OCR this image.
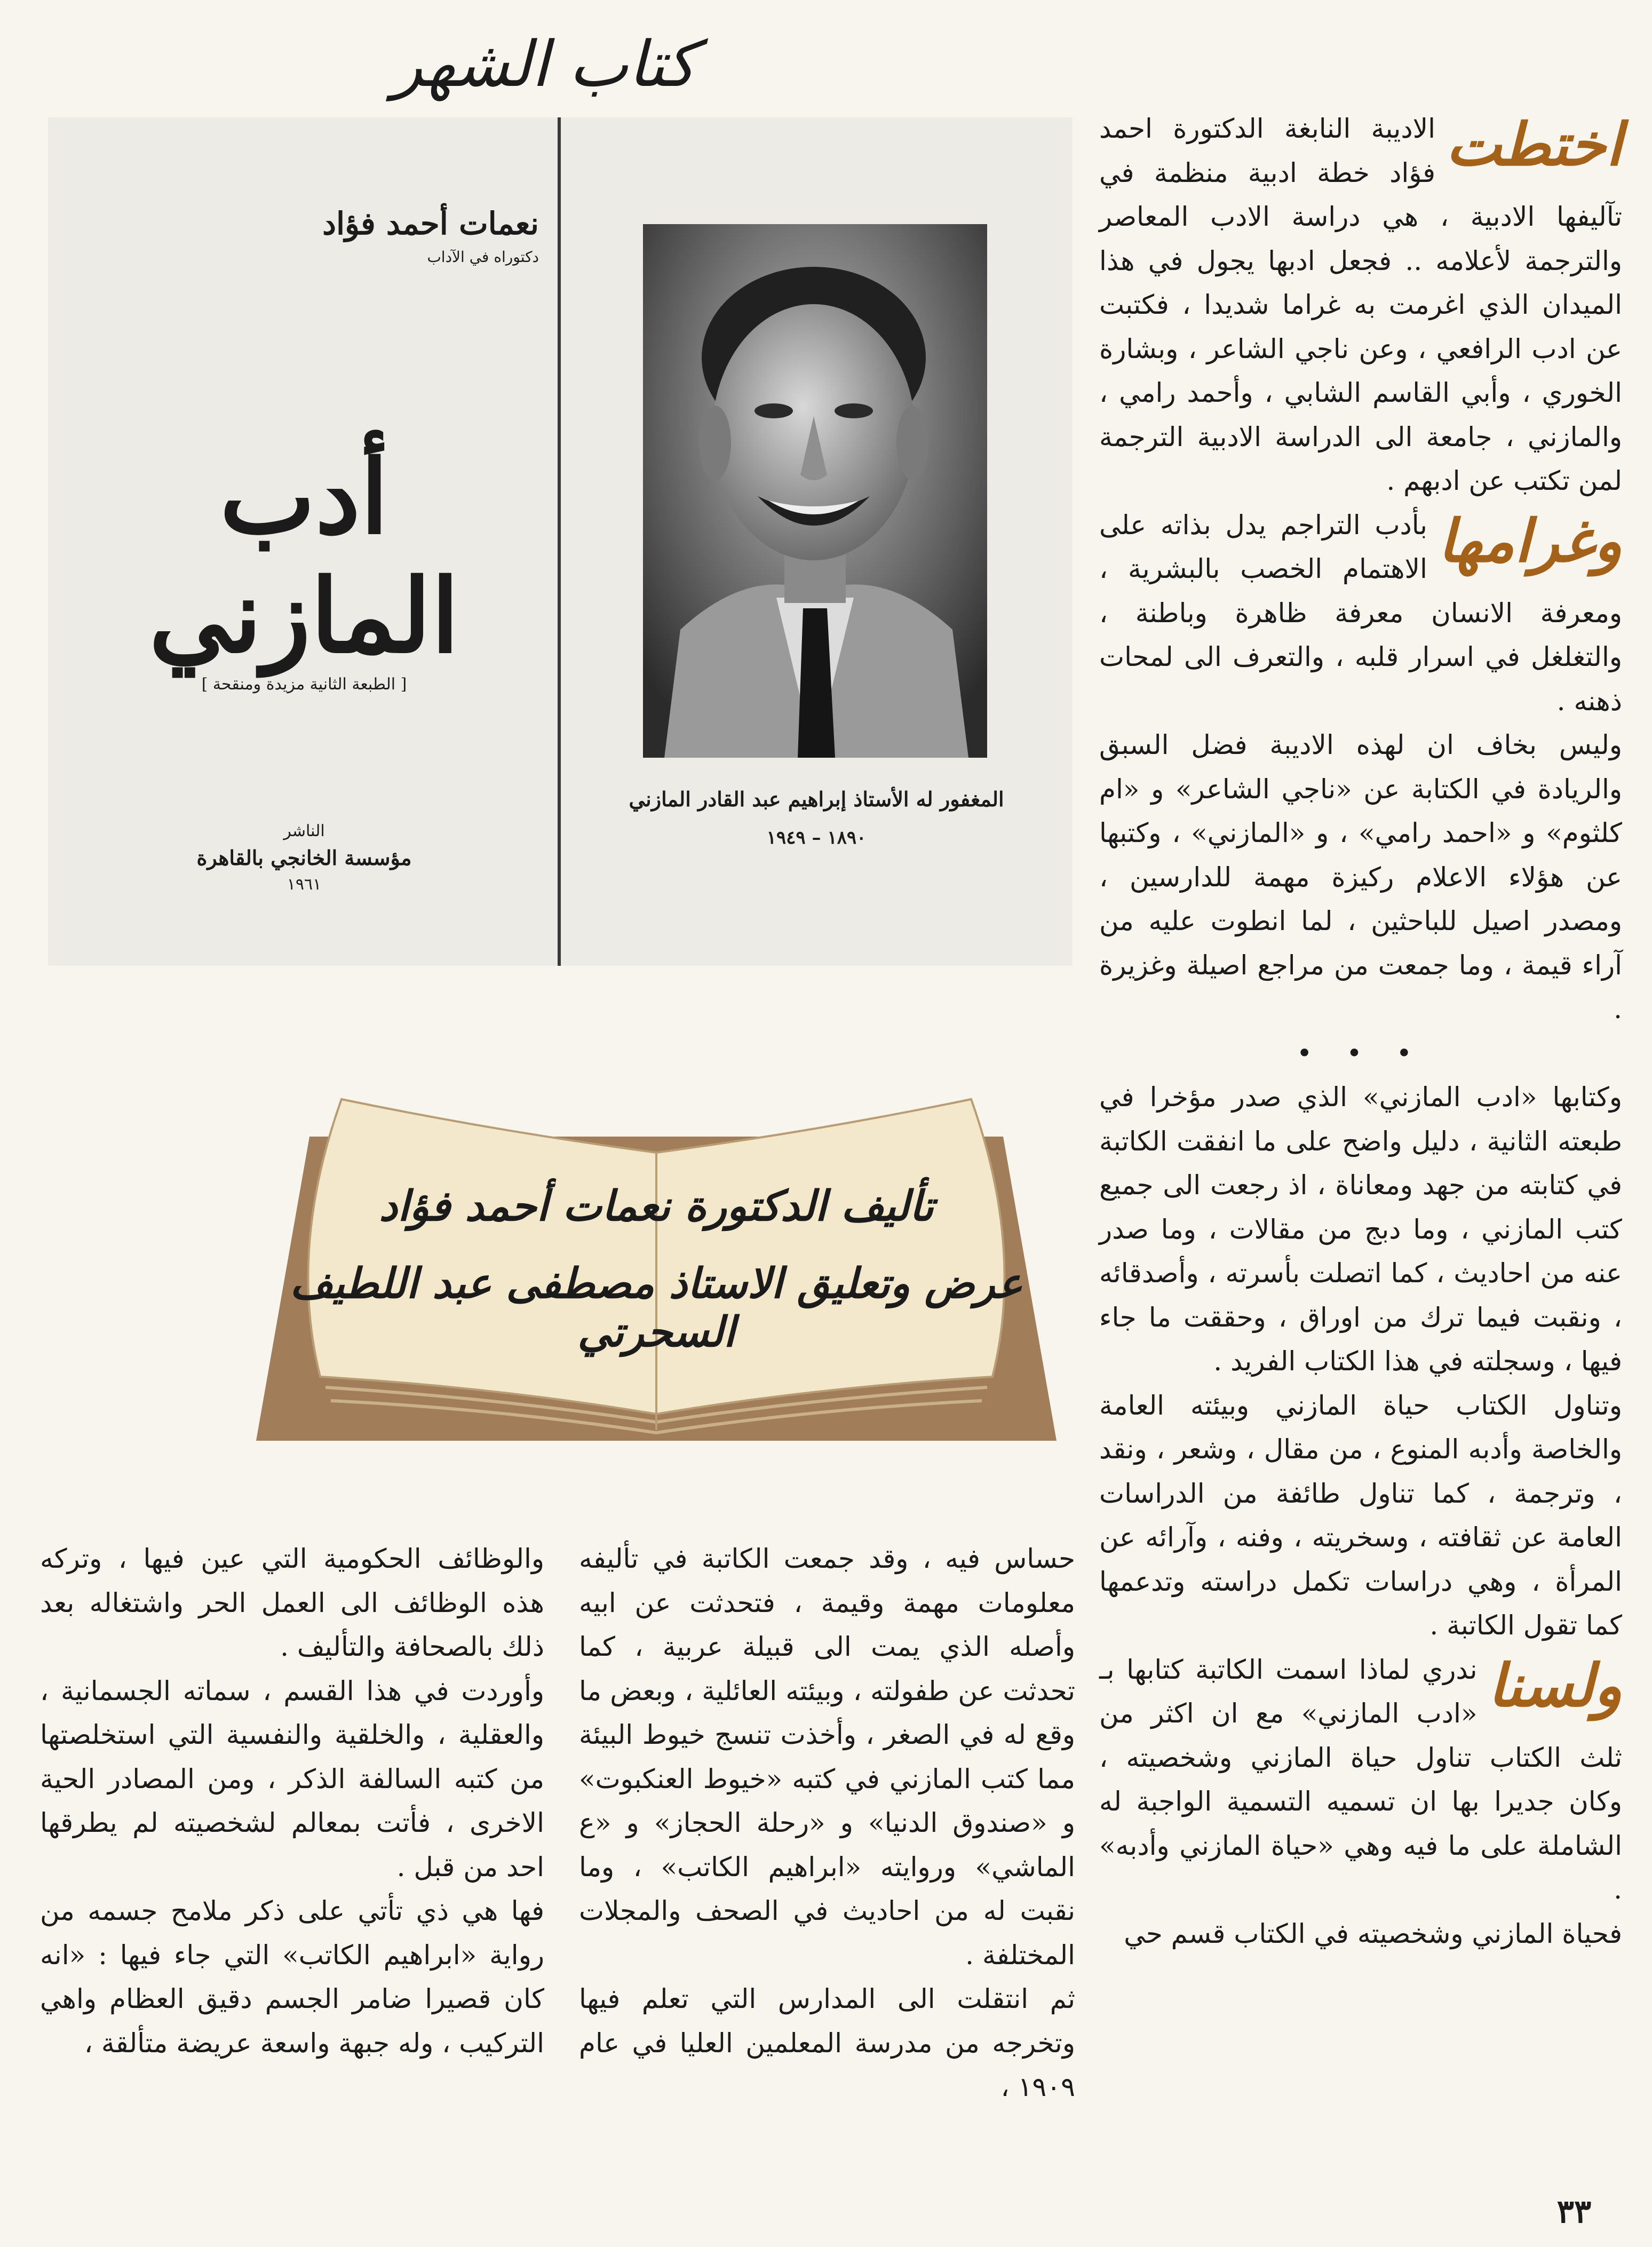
كتاب الشهر
نعمات أحمد فؤاد
دكتوراه في الآداب
أدب المازني
[ الطبعة الثانية مزيدة ومنقحة ]
الناشر
مؤسسة الخانجي بالقاهرة
١٩٦١
المغفور له الأستاذ إبراهيم عبد القادر المازني
١٨٩٠ – ١٩٤٩
تأليف الدكتورة نعمات أحمد فؤاد
عرض وتعليق الاستاذ مصطفى عبد اللطيف السحرتي

اختطت
الاديبة النابغة الدكتورة احمد فؤاد خطة ادبية منظمة في تآليفها الادبية ، هي دراسة الادب المعاصر والترجمة لأعلامه .. فجعل ادبها يجول في هذا الميدان الذي اغرمت به غراما شديدا ، فكتبت عن ادب الرافعي ، وعن ناجي الشاعر ، وبشارة الخوري ، وأبي القاسم الشابي ، وأحمد رامي ، والمازني ، جامعة الى الدراسة الادبية الترجمة لمن تكتب عن ادبهم .

وغرامها
بأدب التراجم يدل بذاته على الاهتمام الخصب بالبشرية ، ومعرفة الانسان معرفة ظاهرة وباطنة ، والتغلغل في اسرار قلبه ، والتعرف الى لمحات ذهنه .

وليس بخاف ان لهذه الاديبة فضل السبق والريادة في الكتابة عن «ناجي الشاعر» و «ام كلثوم» و «احمد رامي» ، و «المازني» ، وكتبها عن هؤلاء الاعلام ركيزة مهمة للدارسين ، ومصدر اصيل للباحثين ، لما انطوت عليه من آراء قيمة ، وما جمعت من مراجع اصيلة وغزيرة .

• • •

وكتابها «ادب المازني» الذي صدر مؤخرا في طبعته الثانية ، دليل واضح على ما انفقت الكاتبة في كتابته من جهد ومعاناة ، اذ رجعت الى جميع كتب المازني ، وما دبج من مقالات ، وما صدر عنه من احاديث ، كما اتصلت بأسرته ، وأصدقائه ، ونقبت فيما ترك من اوراق ، وحققت ما جاء فيها ، وسجلته في هذا الكتاب الفريد .

وتناول الكتاب حياة المازني وبيئته العامة والخاصة وأدبه المنوع ، من مقال ، وشعر ، ونقد ، وترجمة ، كما تناول طائفة من الدراسات العامة عن ثقافته ، وسخريته ، وفنه ، وآرائه عن المرأة ، وهي دراسات تكمل دراسته وتدعمها كما تقول الكاتبة .

ولسنا
ندري لماذا اسمت الكاتبة كتابها بـ «ادب المازني» مع ان اكثر من ثلث الكتاب تناول حياة المازني وشخصيته ، وكان جديرا بها ان تسميه التسمية الواجبة له الشاملة على ما فيه وهي «حياة المازني وأدبه» .

فحياة المازني وشخصيته في الكتاب قسم حي

حساس فيه ، وقد جمعت الكاتبة في تأليفه معلومات مهمة وقيمة ، فتحدثت عن ابيه وأصله الذي يمت الى قبيلة عربية ، كما تحدثت عن طفولته ، وبيئته العائلية ، وبعض ما وقع له في الصغر ، وأخذت تنسج خيوط البيئة مما كتب المازني في كتبه «خيوط العنكبوت» و «صندوق الدنيا» و «رحلة الحجاز» و «ع الماشي» وروايته «ابراهيم الكاتب» ، وما نقبت له من احاديث في الصحف والمجلات المختلفة .

ثم انتقلت الى المدارس التي تعلم فيها وتخرجه من مدرسة المعلمين العليا في عام ١٩٠٩ ،

والوظائف الحكومية التي عين فيها ، وتركه هذه الوظائف الى العمل الحر واشتغاله بعد ذلك بالصحافة والتأليف .

وأوردت في هذا القسم ، سماته الجسمانية ، والعقلية ، والخلقية والنفسية التي استخلصتها من كتبه السالفة الذكر ، ومن المصادر الحية الاخرى ، فأتت بمعالم لشخصيته لم يطرقها احد من قبل .

فها هي ذي تأتي على ذكر ملامح جسمه من رواية «ابراهيم الكاتب» التي جاء فيها : «انه كان قصيرا ضامر الجسم دقيق العظام واهي التركيب ، وله جبهة واسعة عريضة متألقة ،

٣٣
